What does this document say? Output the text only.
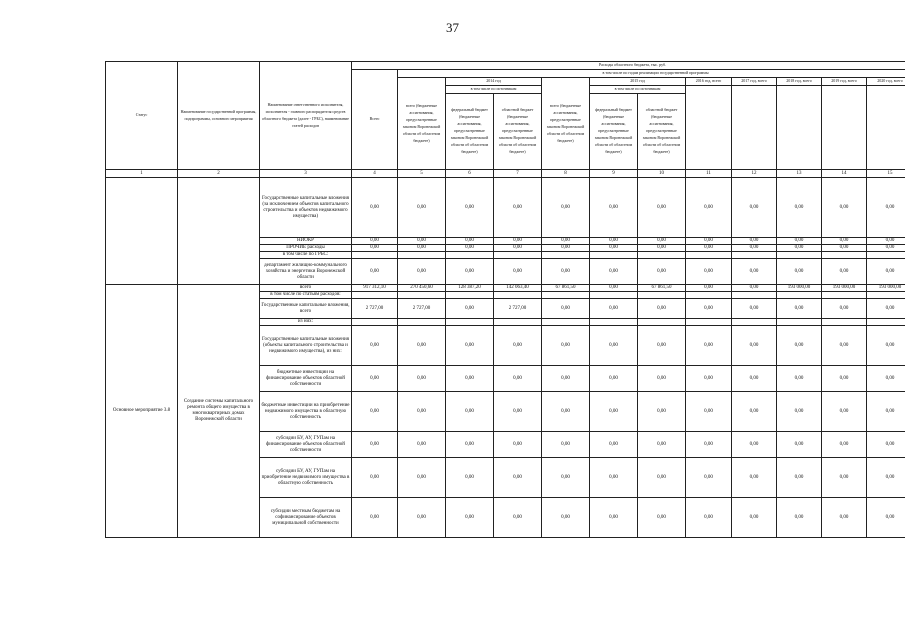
37
Статус	Наименование государственной программы, подпрограммы, основного мероприятия	Наименование ответственного исполнителя, исполнителя - главного распорядителя средств областного бюджета (далее - ГРБС), наименование статей расходов	Расходы областного бюджета, тыс. руб.											
			Всего	в том числе по годам реализации государственной программы										
				всего (бюджетные ассигнования, предусмотренные законом Воронежской области об областном бюджете)	2014 год		всего (бюджетные ассигнования, предусмотренные законом Воронежской области об областном бюджете)	2015 год		2016 год, всего	2017 год, всего	2018 год, всего	2019 год, всего	2020 год, всего
					в том числе по источникам			в том числе по источникам						
					федеральный бюджет (бюджетные ассигнования, предусмотренные законом Воронежской области об областном бюджете)	областной бюджет (бюджетные ассигнования, предусмотренные законом Воронежской области об областном бюджете)		федеральный бюджет (бюджетные ассигнования, предусмотренные законом Воронежской области об областном бюджете)	областной бюджет (бюджетные ассигнования, предусмотренные законом Воронежской области об областном бюджете)					
1	2	3	4	5	6	7	8	9	10	11	12	13	14	15
		Государственные капитальные вложения (за исключением объектов капитального строительства и объектов недвижимого имущества)	0,00	0,00	0,00	0,00	0,00	0,00	0,00	0,00	0,00	0,00	0,00	0,00
		НИОКР	0,00	0,00	0,00	0,00	0,00	0,00	0,00	0,00	0,00	0,00	0,00	0,00
		ПРОЧИЕ расходы	0,00	0,00	0,00	0,00	0,00	0,00	0,00	0,00	0,00	0,00	0,00	0,00
		в том числе по ГРБС:												
		департамент жилищно-коммунального хозяйства и энергетики Воронежской области	0,00	0,00	0,00	0,00	0,00	0,00	0,00	0,00	0,00	0,00	0,00	0,00
Основное мероприятие 3.8	Создание системы капитального ремонта общего имущества в многоквартирных домах Воронежской области	всего	917 312,10	270 450,60	128 387,20	142 063,40	67 861,50	0,00	67 861,50	0,00	0,00	193 000,00	193 000,00	193 000,00
		в том числе по статьям расходов:												
		Государственные капитальные вложения, всего	2 727,00	2 727,00	0,00	2 727,00	0,00	0,00	0,00	0,00	0,00	0,00	0,00	0,00
		из них:												
		Государственные капитальные вложения (объекты капитального строительства и недвижимого имущества), из них:	0,00	0,00	0,00	0,00	0,00	0,00	0,00	0,00	0,00	0,00	0,00	0,00
		бюджетные инвестиции на финансирование объектов областной собственности	0,00	0,00	0,00	0,00	0,00	0,00	0,00	0,00	0,00	0,00	0,00	0,00
		бюджетные инвестиции на приобретение недвижимого имущества в областную собственность	0,00	0,00	0,00	0,00	0,00	0,00	0,00	0,00	0,00	0,00	0,00	0,00
		субсидии БУ, АУ, ГУПам на финансирование объектов областной собственности	0,00	0,00	0,00	0,00	0,00	0,00	0,00	0,00	0,00	0,00	0,00	0,00
		субсидии БУ, АУ, ГУПам на приобретение недвижимого имущества в областную собственность	0,00	0,00	0,00	0,00	0,00	0,00	0,00	0,00	0,00	0,00	0,00	0,00
		субсидии местным бюджетам на софинансирование объектов муниципальной собственности	0,00	0,00	0,00	0,00	0,00	0,00	0,00	0,00	0,00	0,00	0,00	0,00
